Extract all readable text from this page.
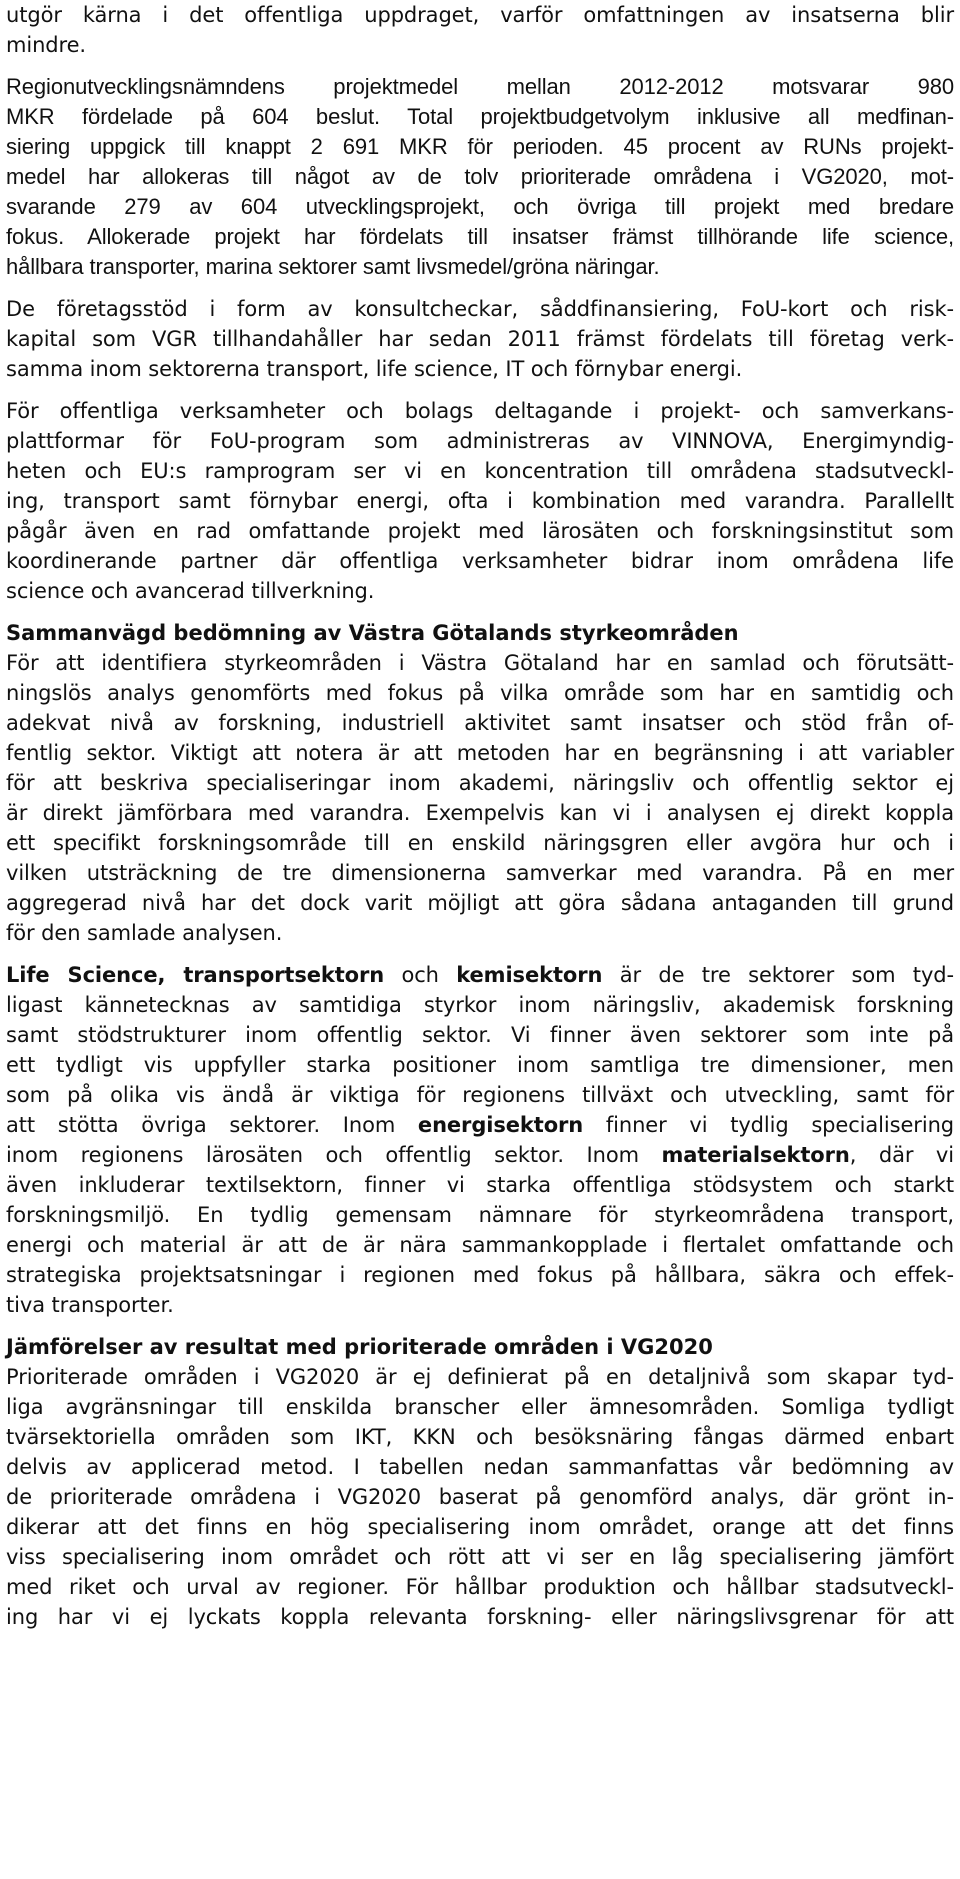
utgör kärna i det offentliga uppdraget, varför omfattningen av insatserna blir
mindre.
Regionutvecklingsnämndens projektmedel mellan 2012-2012 motsvarar 980
MKR fördelade på 604 beslut. Total projektbudgetvolym inklusive all medfinan-
siering uppgick till knappt 2 691 MKR för perioden. 45 procent av RUNs projekt-
medel har allokeras till något av de tolv prioriterade områdena i VG2020, mot-
svarande 279 av 604 utvecklingsprojekt, och övriga till projekt med bredare
fokus. Allokerade projekt har fördelats till insatser främst tillhörande life science,
hållbara transporter, marina sektorer samt livsmedel/gröna näringar.
De företagsstöd i form av konsultcheckar, såddfinansiering, FoU-kort och risk-
kapital som VGR tillhandahåller har sedan 2011 främst fördelats till företag verk-
samma inom sektorerna transport, life science, IT och förnybar energi.
För offentliga verksamheter och bolags deltagande i projekt- och samverkans-
plattformar för FoU-program som administreras av VINNOVA, Energimyndig-
heten och EU:s ramprogram ser vi en koncentration till områdena stadsutveckl-
ing, transport samt förnybar energi, ofta i kombination med varandra. Parallellt
pågår även en rad omfattande projekt med lärosäten och forskningsinstitut som
koordinerande partner där offentliga verksamheter bidrar inom områdena life
science och avancerad tillverkning.
Sammanvägd bedömning av Västra Götalands styrkeområden
För att identifiera styrkeområden i Västra Götaland har en samlad och förutsätt-
ningslös analys genomförts med fokus på vilka område som har en samtidig och
adekvat nivå av forskning, industriell aktivitet samt insatser och stöd från of-
fentlig sektor. Viktigt att notera är att metoden har en begränsning i att variabler
för att beskriva specialiseringar inom akademi, näringsliv och offentlig sektor ej
är direkt jämförbara med varandra. Exempelvis kan vi i analysen ej direkt koppla
ett specifikt forskningsområde till en enskild näringsgren eller avgöra hur och i
vilken utsträckning de tre dimensionerna samverkar med varandra. På en mer
aggregerad nivå har det dock varit möjligt att göra sådana antaganden till grund
för den samlade analysen.
Life Science, transportsektorn och kemisektorn är de tre sektorer som tyd-
ligast kännetecknas av samtidiga styrkor inom näringsliv, akademisk forskning
samt stödstrukturer inom offentlig sektor. Vi finner även sektorer som inte på
ett tydligt vis uppfyller starka positioner inom samtliga tre dimensioner, men
som på olika vis ändå är viktiga för regionens tillväxt och utveckling, samt för
att stötta övriga sektorer. Inom energisektorn finner vi tydlig specialisering
inom regionens lärosäten och offentlig sektor. Inom materialsektorn, där vi
även inkluderar textilsektorn, finner vi starka offentliga stödsystem och starkt
forskningsmiljö. En tydlig gemensam nämnare för styrkeområdena transport,
energi och material är att de är nära sammankopplade i flertalet omfattande och
strategiska projektsatsningar i regionen med fokus på hållbara, säkra och effek-
tiva transporter.
Jämförelser av resultat med prioriterade områden i VG2020
Prioriterade områden i VG2020 är ej definierat på en detaljnivå som skapar tyd-
liga avgränsningar till enskilda branscher eller ämnesområden. Somliga tydligt
tvärsektoriella områden som IKT, KKN och besöksnäring fångas därmed enbart
delvis av applicerad metod. I tabellen nedan sammanfattas vår bedömning av
de prioriterade områdena i VG2020 baserat på genomförd analys, där grönt in-
dikerar att det finns en hög specialisering inom området, orange att det finns
viss specialisering inom området och rött att vi ser en låg specialisering jämfört
med riket och urval av regioner. För hållbar produktion och hållbar stadsutveckl-
ing har vi ej lyckats koppla relevanta forskning- eller näringslivsgrenar för att
